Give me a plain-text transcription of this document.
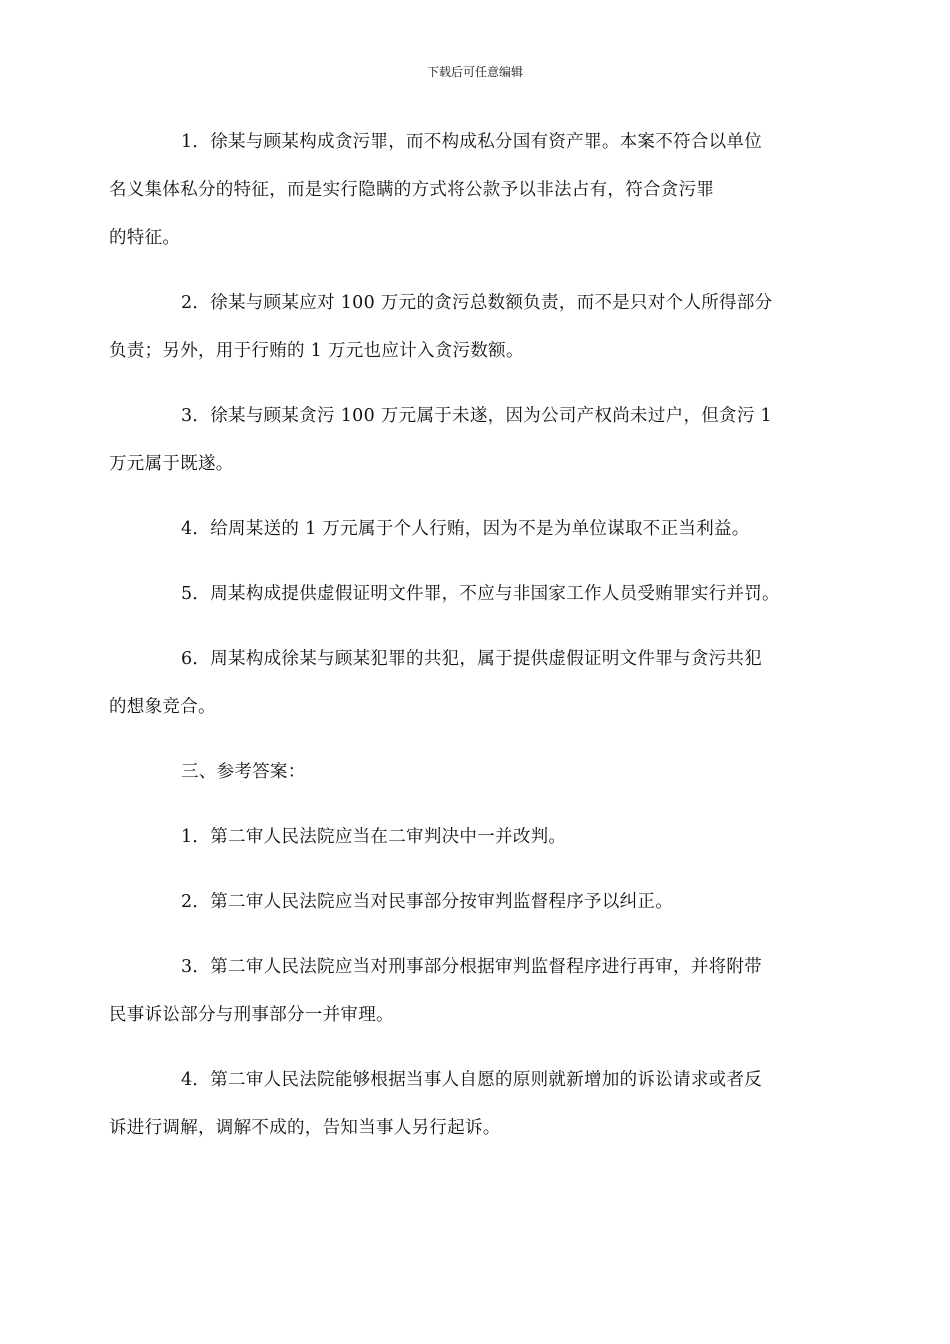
下载后可任意编辑

1．徐某与顾某构成贪污罪，而不构成私分国有资产罪。本案不符合以单位
名义集体私分的特征，而是实行隐瞒的方式将公款予以非法占有，符合贪污罪
的特征。

2．徐某与顾某应对 100 万元的贪污总数额负责，而不是只对个人所得部分
负责；另外，用于行贿的 1 万元也应计入贪污数额。

3．徐某与顾某贪污 100 万元属于未遂，因为公司产权尚未过户，但贪污 1
万元属于既遂。

4．给周某送的 1 万元属于个人行贿，因为不是为单位谋取不正当利益。

5．周某构成提供虚假证明文件罪，不应与非国家工作人员受贿罪实行并罚。

6．周某构成徐某与顾某犯罪的共犯，属于提供虚假证明文件罪与贪污共犯
的想象竞合。

三、参考答案：

1．第二审人民法院应当在二审判决中一并改判。

2．第二审人民法院应当对民事部分按审判监督程序予以纠正。

3．第二审人民法院应当对刑事部分根据审判监督程序进行再审，并将附带
民事诉讼部分与刑事部分一并审理。

4．第二审人民法院能够根据当事人自愿的原则就新增加的诉讼请求或者反
诉进行调解，调解不成的，告知当事人另行起诉。
